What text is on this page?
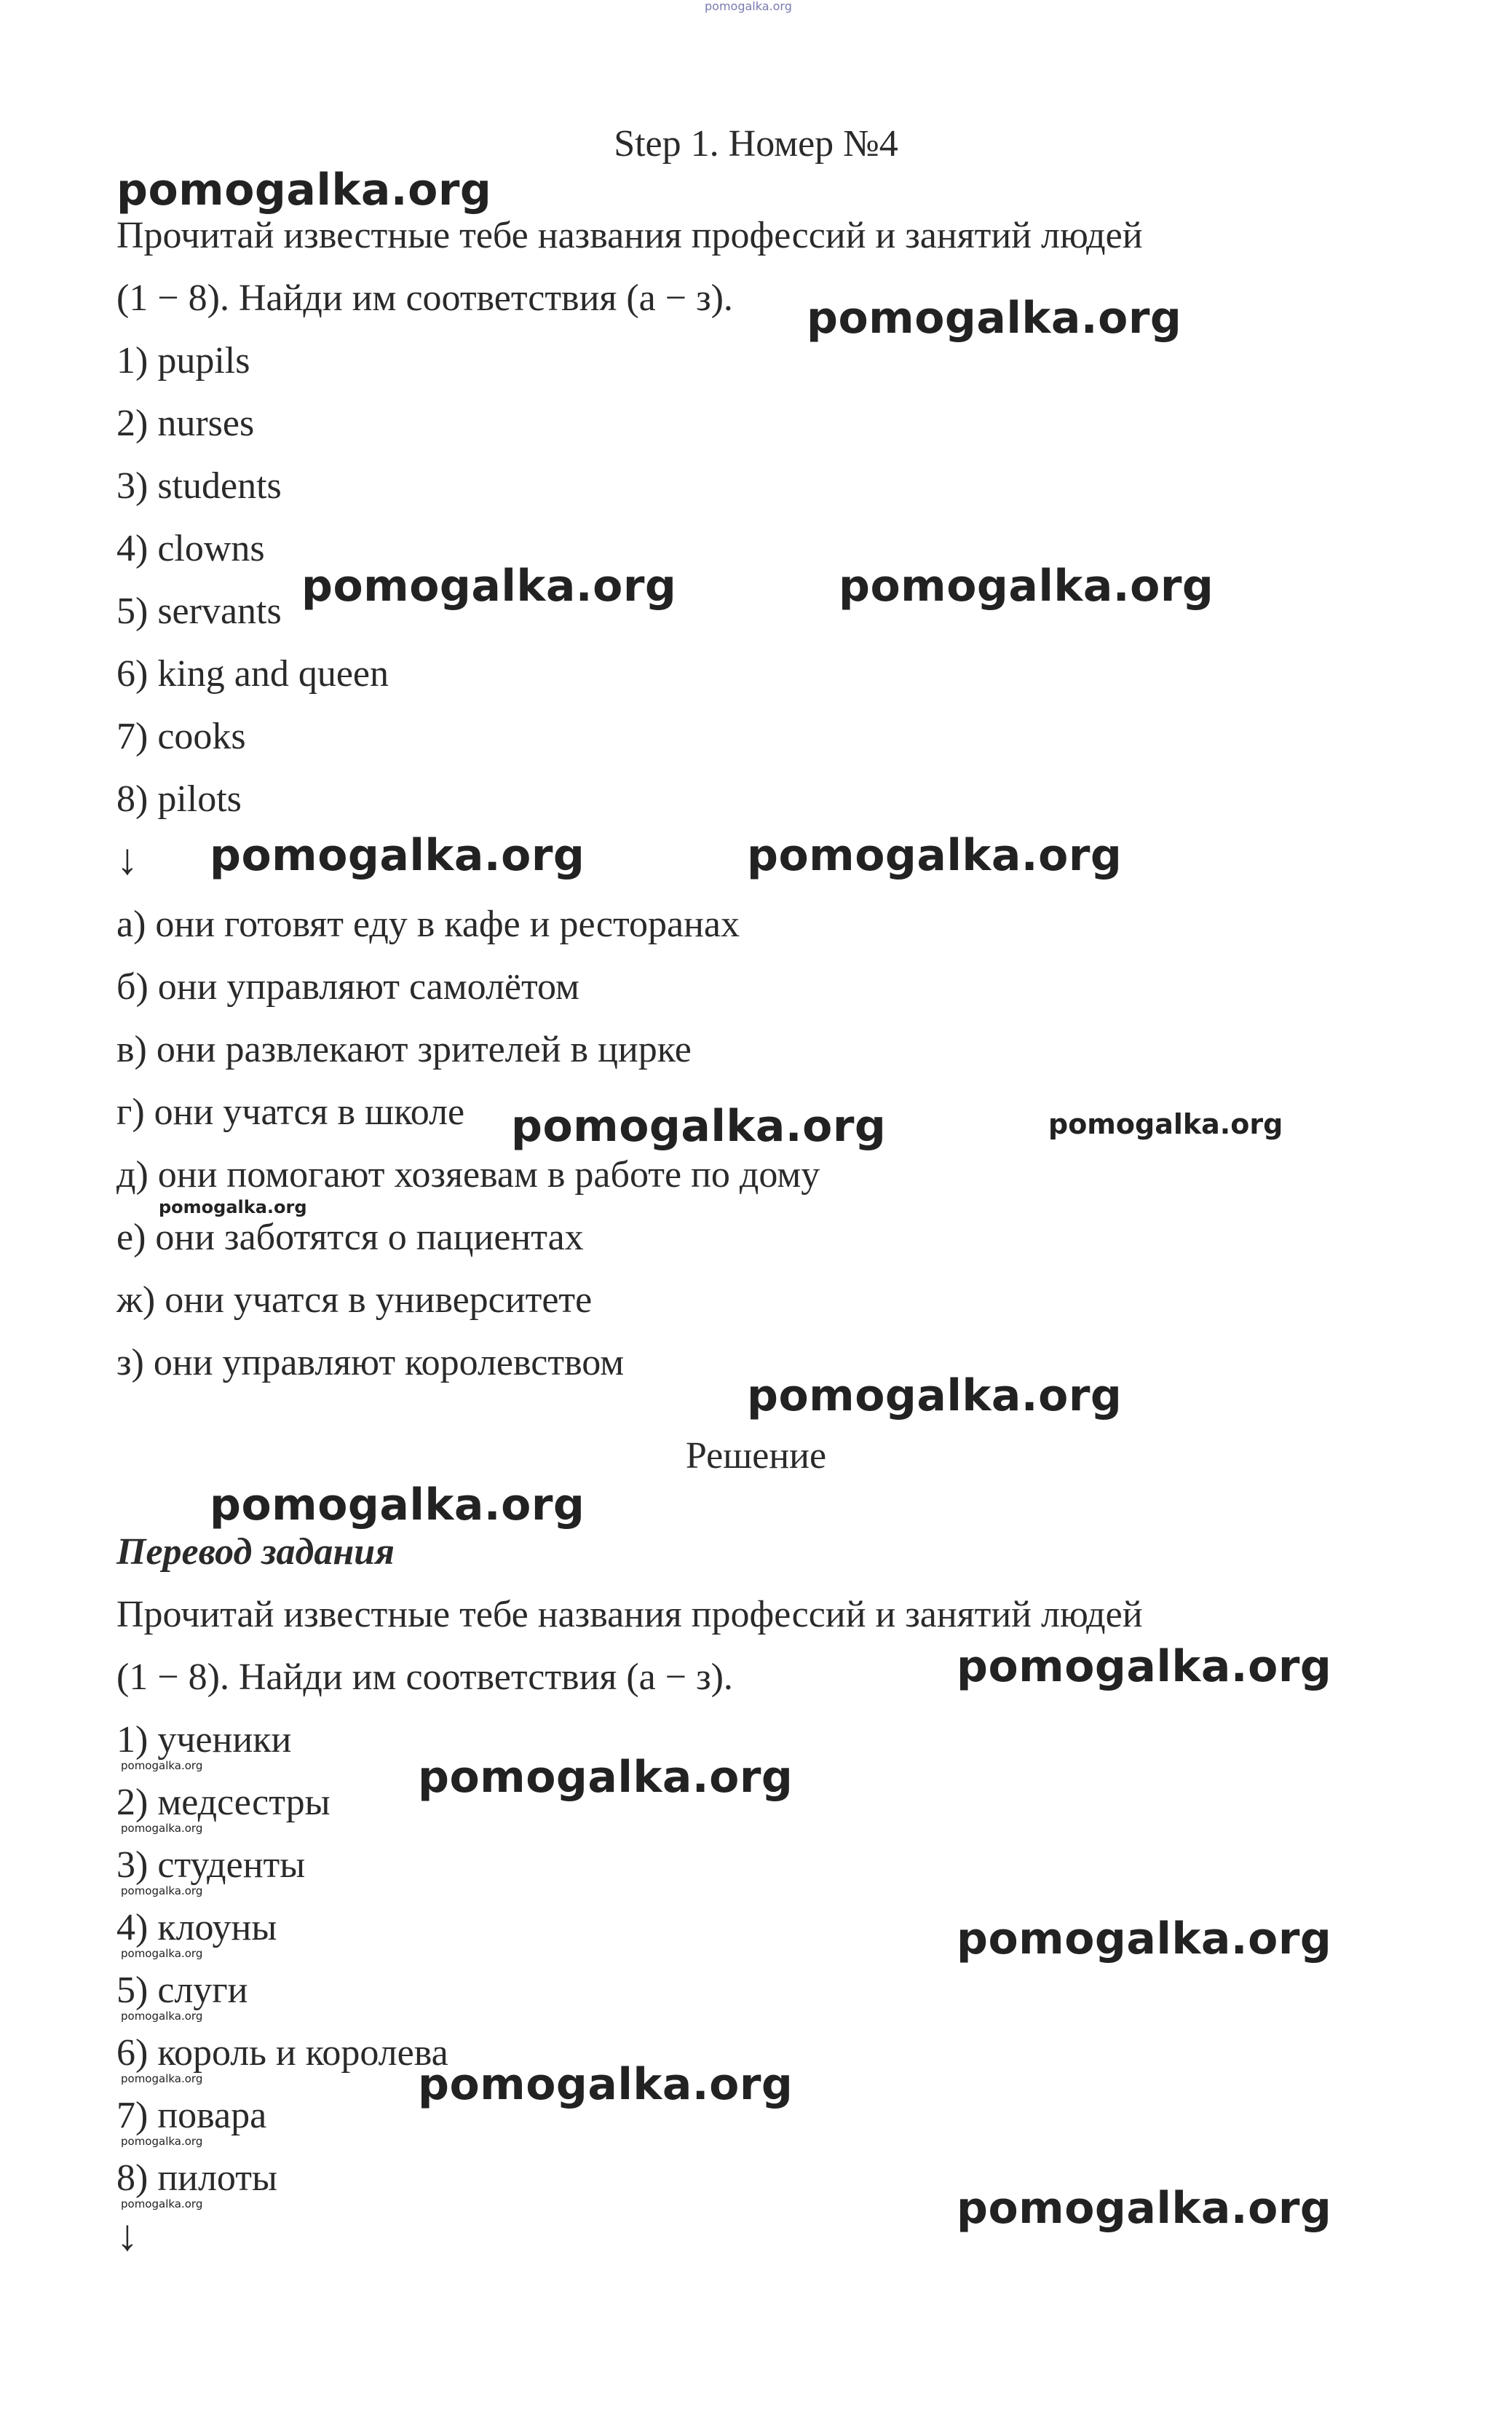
pomogalka.org
Step 1. Номер №4
Прочитай известные тебе названия профессий и занятий людей
(1 − 8). Найди им соответствия (а − з).
1) pupils
2) nurses
3) students
4) clowns
5) servants
6) king and queen
7) cooks
8) pilots
↓
а) они готовят еду в кафе и ресторанах
б) они управляют самолётом
в) они развлекают зрителей в цирке
г) они учатся в школе
д) они помогают хозяевам в работе по дому
е) они заботятся о пациентах
ж) они учатся в университете
з) они управляют королевством
Решение
Перевод задания
Прочитай известные тебе названия профессий и занятий людей
(1 − 8). Найди им соответствия (а − з).
1) ученики
2) медсестры
3) студенты
4) клоуны
5) слуги
6) король и королева
7) повара
8) пилоты
↓
pomogalka.org
pomogalka.org
pomogalka.org	pomogalka.org
pomogalka.org	pomogalka.org
pomogalka.org
pomogalka.org
pomogalka.org
pomogalka.org
pomogalka.org
pomogalka.org
pomogalka.org
pomogalka.org
pomogalka.org
pomogalka.org
pomogalka.org
pomogalka.org
pomogalka.org
pomogalka.org
pomogalka.org
pomogalka.org
pomogalka.org
pomogalka.org
